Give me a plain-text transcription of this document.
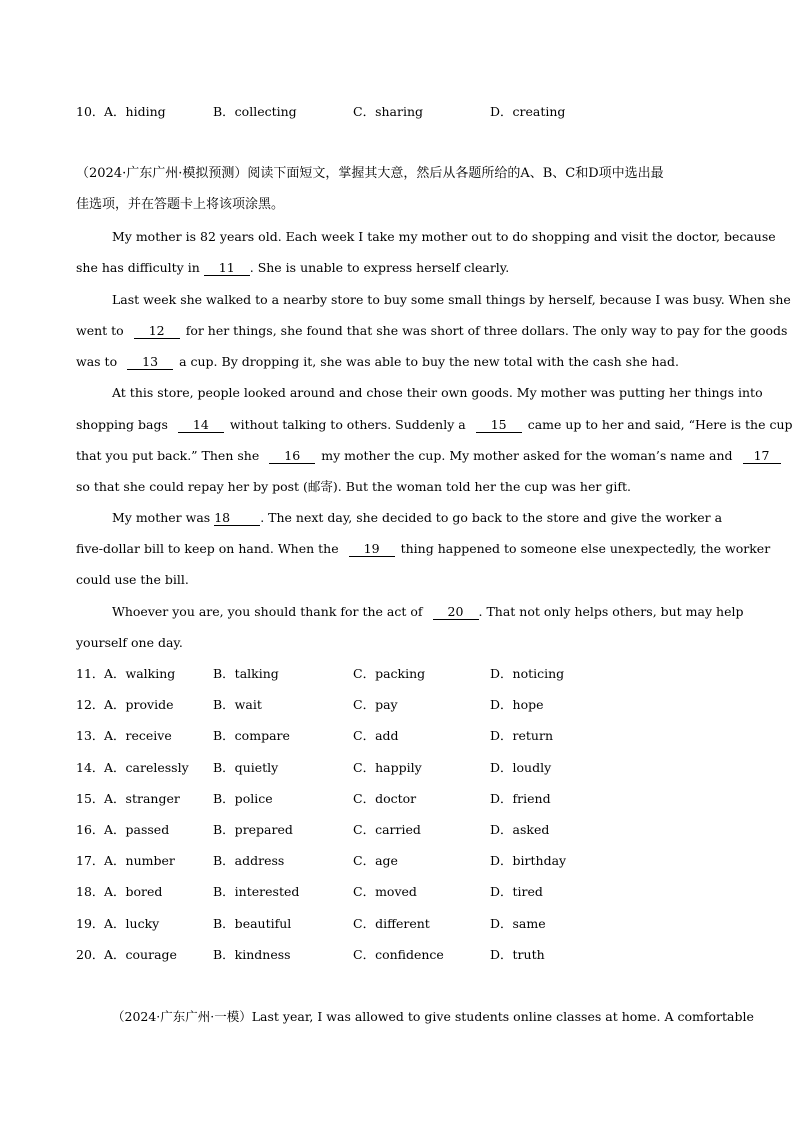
10． A．hiding	B．collecting	C．sharing	D．creating
（2024·广东广州·模拟预测）阅读下面短文，掌握其大意，然后从各题所给的A、B、C和D项中选出最
佳选项，并在答题卡上将该项涂黑。
My mother is 82 years old. Each week I take my mother out to do shopping and visit the doctor, because
she has difficulty in 11 . She is unable to express herself clearly.
Last week she walked to a nearby store to buy some small things by herself, because I was busy. When she
went to 12 for her things, she found that she was short of three dollars. The only way to pay for the goods
was to 13 a cup. By dropping it, she was able to buy the new total with the cash she had.
At this store, people looked around and chose their own goods. My mother was putting her things into
shopping bags 14 without talking to others. Suddenly a 15 came up to her and said, “Here is the cup
that you put back.” Then she 16 my mother the cup. My mother asked for the woman’s name and 17
so that she could repay her by post (邮寄). But the woman told her the cup was her gift.
My mother was 18 . The next day, she decided to go back to the store and give the worker a
five-dollar bill to keep on hand. When the 19 thing happened to someone else unexpectedly, the worker
could use the bill.
Whoever you are, you should thank for the act of 20 . That not only helps others, but may help
yourself one day.
11． A．walking	B．talking	C．packing	D．noticing
12． A．provide	B．wait	C．pay	D．hope
13． A．receive	B．compare	C．add	D．return
14． A．carelessly B．quietly	C．happily	D．loudly
15． A．stranger	B．police	C．doctor	D．friend
16． A．passed	B．prepared	C．carried	D．asked
17． A．number	B．address	C．age	D．birthday
18． A．bored	B．interested	C．moved	D．tired
19． A．lucky	B．beautiful	C．different	D．same
20． A．courage	B．kindness	C．confidence	D．truth
（2024·广东广州·一模）Last year, I was allowed to give students online classes at home. A comfortable
